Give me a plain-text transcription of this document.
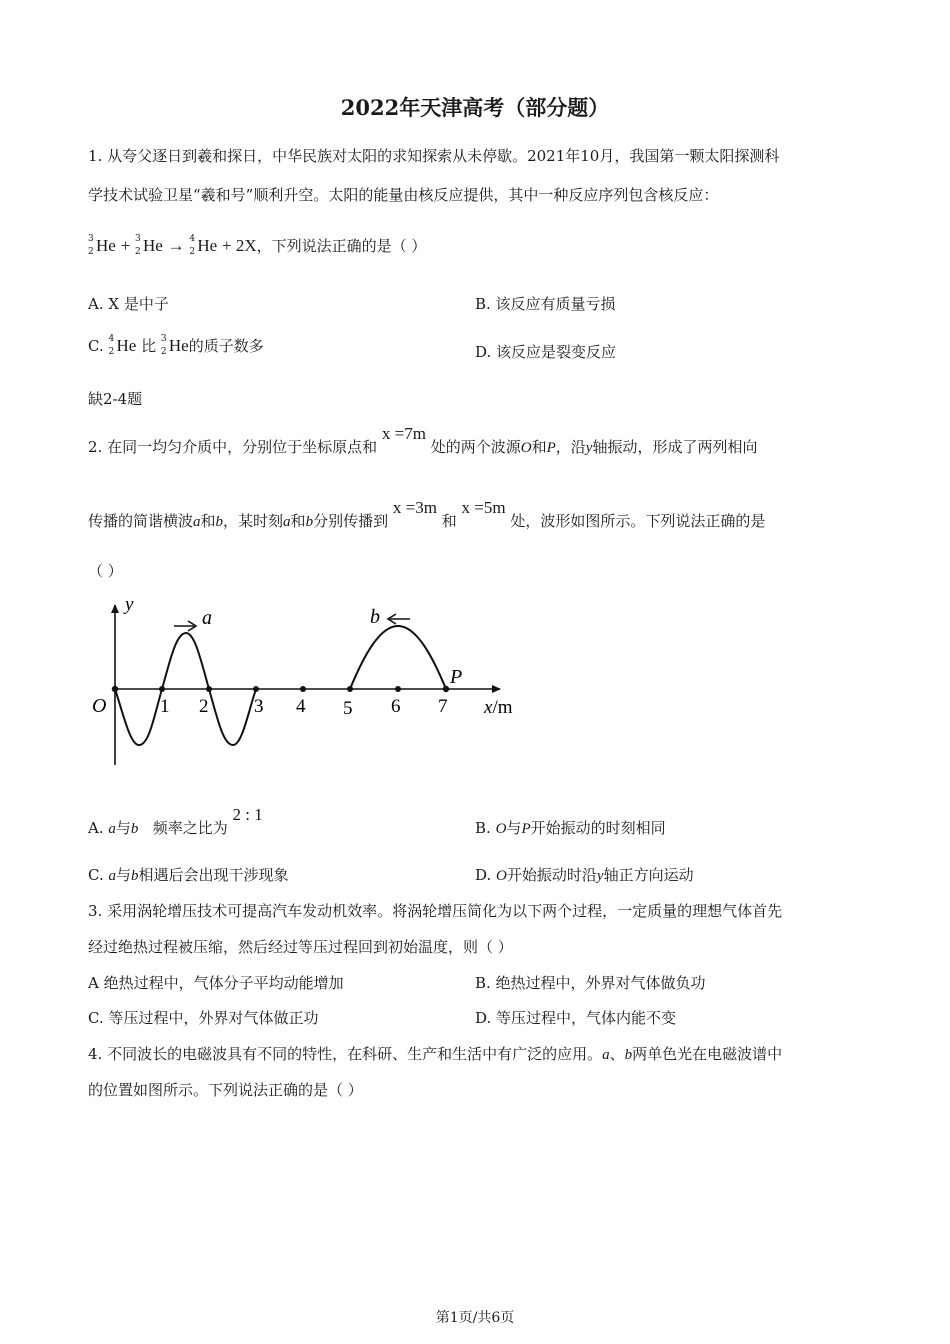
2022年天津高考（部分题）
1. 从夸父逐日到羲和探日，中华民族对太阳的求知探索从未停歇。2021年10月，我国第一颗太阳探测科
学技术试验卫星“羲和号”顺利升空。太阳的能量由核反应提供，其中一种反应序列包含核反应：
3
2 He + 3
2 He → 4
2 He + 2X，下列说法正确的是（ ）
A. X 是中子	B. 该反应有质量亏损
C. 4
2 He 比 3
2 He的质子数多	D. 该反应是裂变反应
缺2-4题
2. 在同一均匀介质中，分别位于坐标原点和 x =7m 处的两个波源O和P，沿y轴振动，形成了两列相向
传播的简谐横波a和b，某时刻a和b分别传播到 x =3m 和 x =5m 处，波形如图所示。下列说法正确的是
（ ）
y
x/m
O
a	b
P
1 2 3 4 5 6 7
A. a与b 频率之比为 2 : 1
B. O与P开始振动的时刻相同
C. a与b相遇后会出现干涉现象	D. O开始振动时沿y轴正方向运动
3. 采用涡轮增压技术可提高汽车发动机效率。将涡轮增压简化为以下两个过程，一定质量的理想气体首先
经过绝热过程被压缩，然后经过等压过程回到初始温度，则（ ）
A 绝热过程中，气体分子平均动能增加	B. 绝热过程中，外界对气体做负功
C. 等压过程中，外界对气体做正功	D. 等压过程中，气体内能不变
4. 不同波长的电磁波具有不同的特性，在科研、生产和生活中有广泛的应用。a、b两单色光在电磁波谱中
的位置如图所示。下列说法正确的是（ ）
第1页/共6页
